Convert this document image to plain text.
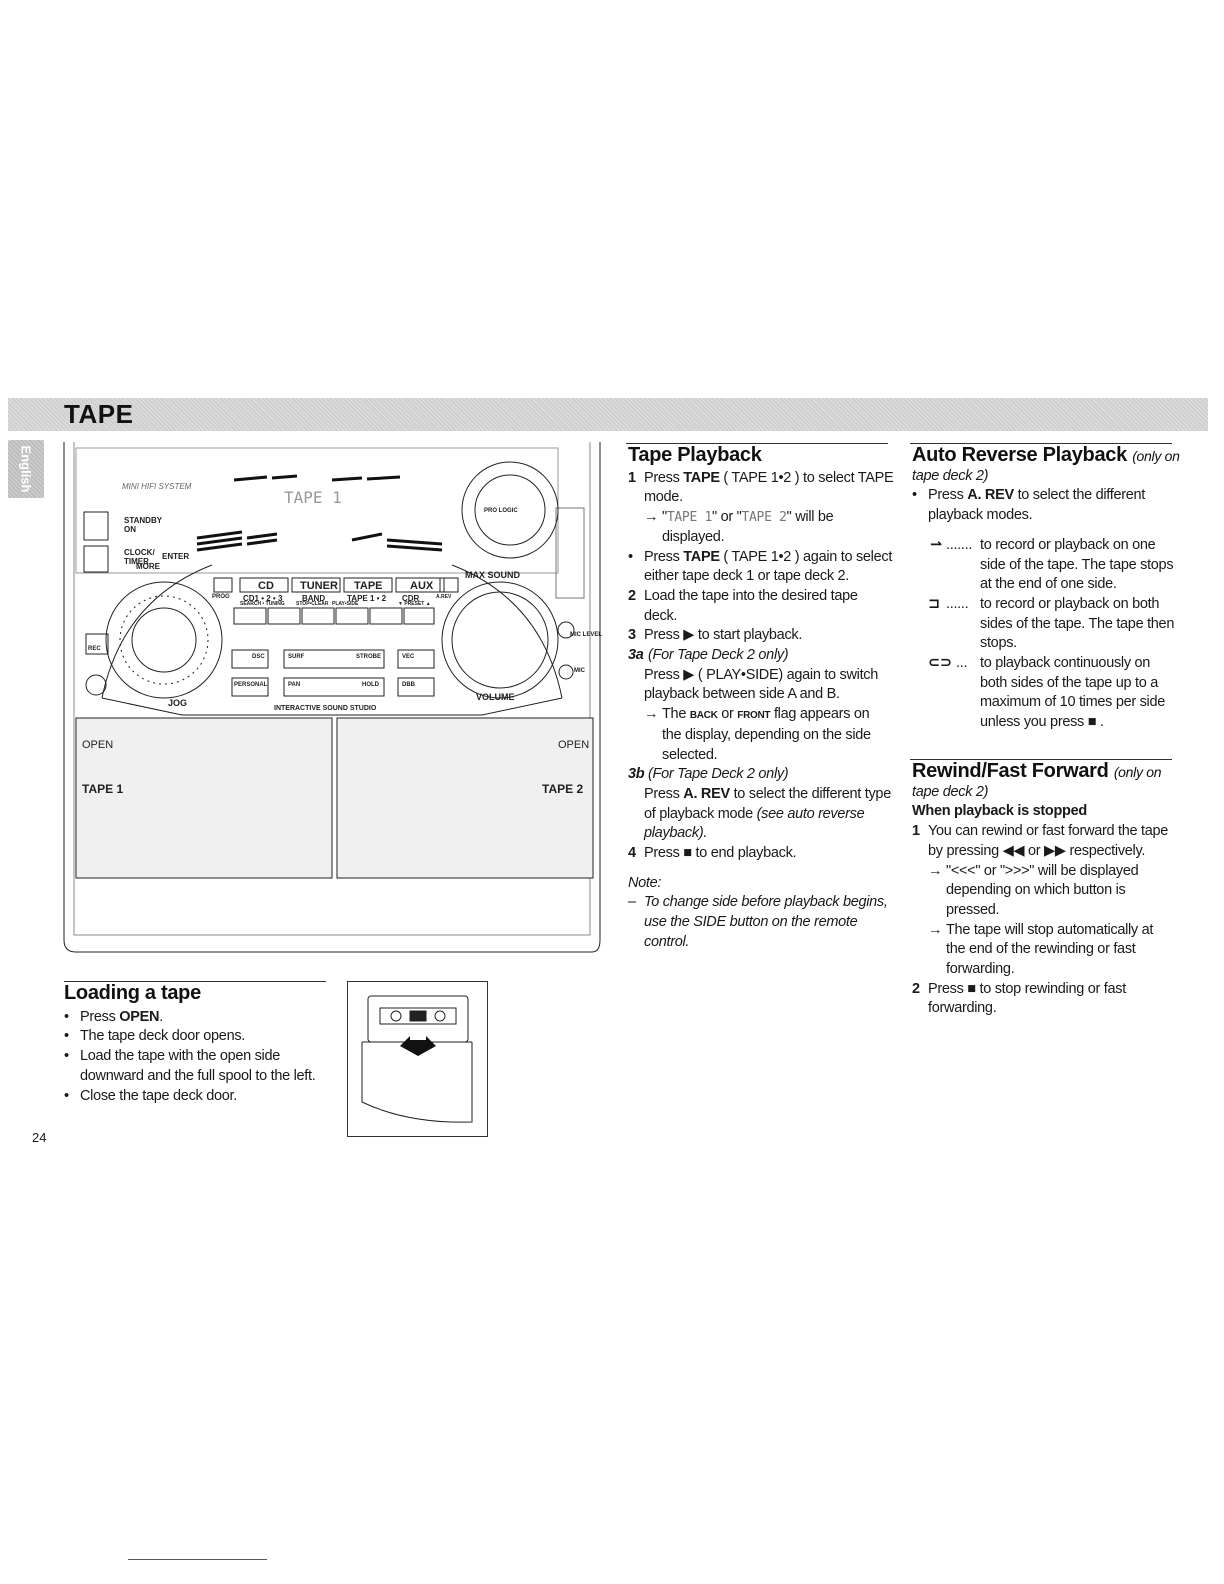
TAPE
English	MINI HIFI SYSTEM
STANDBY
ON
CLOCK/
TIMER
TAPE 1
PRO LOGIC
MAX SOUND
ENTER
MORE
PROG
REC
CD TUNER TAPE AUX
CD1 • 2 • 3 BAND	TAPE 1 • 2 CDR	A.REV
SEARCH • TUNING STOP•CLEAR PLAY•SIDE	▼ PRESET ▲
DSC
PERSONAL
SURF	STROBE
PAN	HOLD
VEC
DBB
JOG
INTERACTIVE SOUND STUDIO
VOLUME
MIC LEVEL
MIC
OPEN	OPEN
TAPE 1	TAPE 2

Loading a tape

• Press OPEN.

• The tape deck door opens.

• Load the tape with the open side

downward and the full spool to the left.

• Close the tape deck door.

Tape Playback

1 Press TAPE ( TAPE 1•2 ) to select TAPE

mode.

→ "TAPE 1" or "TAPE 2" will be

displayed.

• Press TAPE ( TAPE 1•2 ) again to select

either tape deck 1 or tape deck 2.

2 Load the tape into the desired tape

deck.

3 Press ▶ to start playback.

3a (For Tape Deck 2 only)

Press ▶ ( PLAY•SIDE) again to switch

playback between side A and B.

→ The BACK or FRONT flag appears on

the display, depending on the side

selected.

3b (For Tape Deck 2 only)

Press A. REV to select the different type

of playback mode (see auto reverse

playback).

4 Press ■ to end playback.

Note:

– To change side before playback begins,

use the SIDE button on the remote

control.

Auto Reverse Playback (only on

tape deck 2)

• Press A. REV to select the different

playback modes.

⇀ ....... to record or playback on one

side of the tape. The tape stops

at the end of one side.

⊐ ...... to record or playback on both

sides of the tape. The tape then

stops.

⊂⊃ ... to playback continuously on

both sides of the tape up to a

maximum of 10 times per side

unless you press ■ .

Rewind/Fast Forward (only on

tape deck 2)

When playback is stopped

1 You can rewind or fast forward the tape

by pressing ◀◀ or ▶▶ respectively.

→ "<<<" or ">>>" will be displayed

depending on which button is

pressed.

→ The tape will stop automatically at

the end of the rewinding or fast

forwarding.

2 Press ■ to stop rewinding or fast

forwarding.

24
